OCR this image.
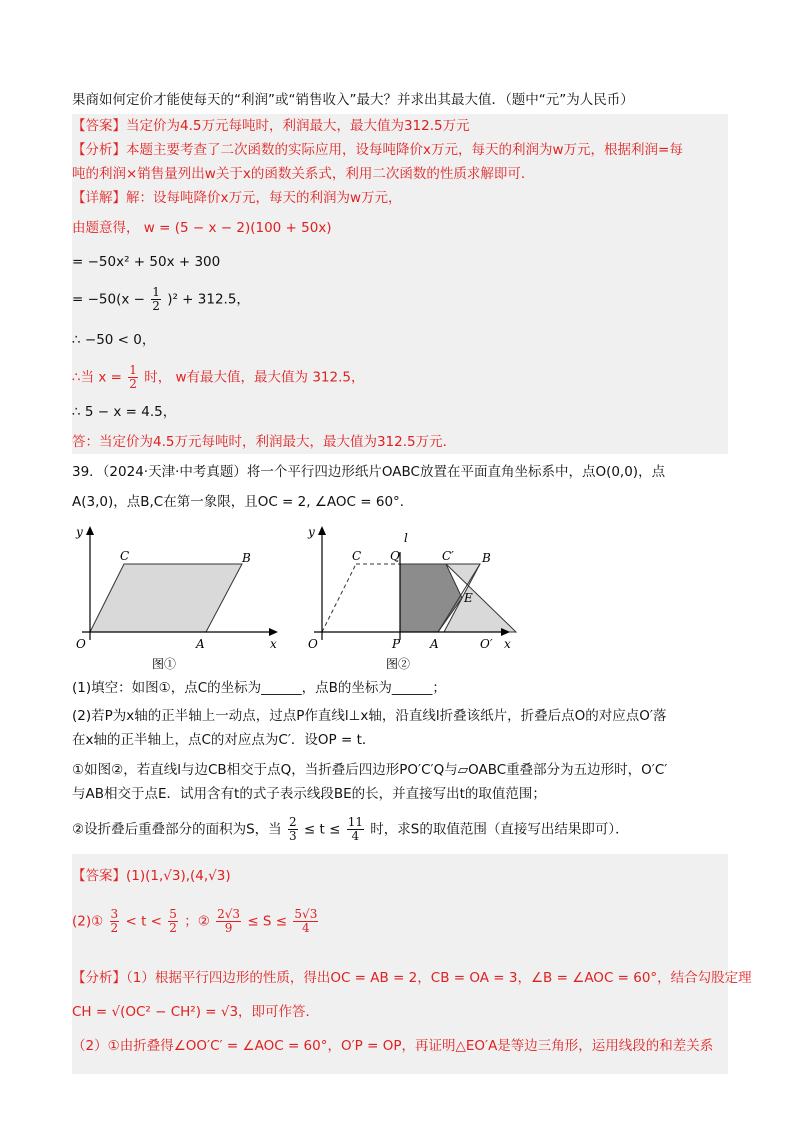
果商如何定价才能使每天的“利润”或“销售收入”最大？并求出其最大值．（题中“元”为人民币）
【答案】当定价为4.5万元每吨时，利润最大，最大值为312.5万元
【分析】本题主要考查了二次函数的实际应用，设每吨降价x万元，每天的利润为w万元，根据利润=每
吨的利润×销售量列出w关于x的函数关系式，利用二次函数的性质求解即可．
【详解】解：设每吨降价x万元，每天的利润为w万元，
由题意得， w = (5 − x − 2)(100 + 50x)
= −50x² + 50x + 300
= $-50(x - \frac{1}{2} )^2 + 312.5$，
∴ −50 < 0，
∴当 $x = \frac{1}{2}$ 时， w有最大值，最大值为 312.5，
∴ 5 − x = 4.5，
答：当定价为4.5万元每吨时，利润最大，最大值为312.5万元．
39．（2024·天津·中考真题）将一个平行四边形纸片OABC放置在平面直角坐标系中，点O(0,0)，点
A(3,0)，点B,C在第一象限，且OC = 2, ∠AOC = 60°．
y
x
O	A
B
C
图①
y	l
x
O	P A	O′
C Q	C′ B
E
图②
(1)填空：如图①，点C的坐标为______，点B的坐标为______；
(2)若P为x轴的正半轴上一动点，过点P作直线l⊥x轴，沿直线l折叠该纸片，折叠后点O的对应点O′落
在x轴的正半轴上，点C的对应点为C′．设OP = t．
①如图②，若直线l与边CB相交于点Q，当折叠后四边形PO′C′Q与▱OABC重叠部分为五边形时，O′C′
与AB相交于点E．试用含有t的式子表示线段BE的长，并直接写出t的取值范围；
②设折叠后重叠部分的面积为S，当 $\frac{2}{3} \le t \le \frac{11}{4}$ 时，求S的取值范围（直接写出结果即可）．
【答案】(1)(1,√3),(4,√3)
(2)① $\frac{3}{2} < t < \frac{5}{2}$ ；② $\frac{2√3}{9} \le S \le \frac{5√3}{4}$
【分析】（1）根据平行四边形的性质，得出OC = AB = 2，CB = OA = 3，∠B = ∠AOC = 60°，结合勾股定理
CH = √(OC² − CH²) = √3，即可作答．
（2）①由折叠得∠OO′C′ = ∠AOC = 60°，O′P = OP，再证明△EO′A是等边三角形，运用线段的和差关系
